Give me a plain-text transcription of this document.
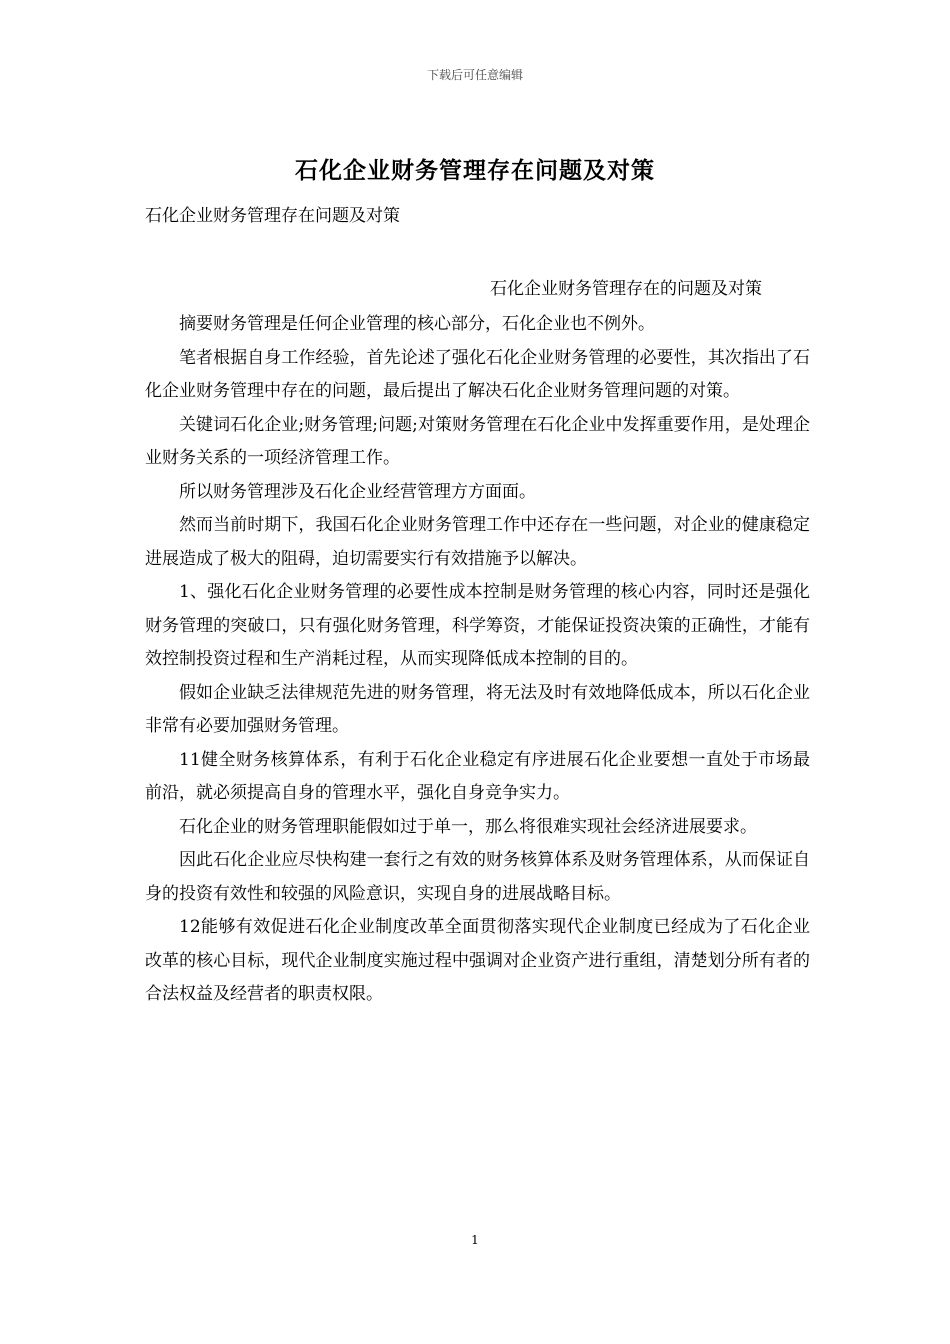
下载后可任意编辑
石化企业财务管理存在问题及对策
石化企业财务管理存在问题及对策
石化企业财务管理存在的问题及对策

摘要财务管理是任何企业管理的核心部分，石化企业也不例外。

笔者根据自身工作经验，首先论述了强化石化企业财务管理的必要性，其次指出了石化企业财务管理中存在的问题，最后提出了解决石化企业财务管理问题的对策。

关键词石化企业;财务管理;问题;对策财务管理在石化企业中发挥重要作用，是处理企业财务关系的一项经济管理工作。

所以财务管理涉及石化企业经营管理方方面面。

然而当前时期下，我国石化企业财务管理工作中还存在一些问题，对企业的健康稳定进展造成了极大的阻碍，迫切需要实行有效措施予以解决。

1、强化石化企业财务管理的必要性成本控制是财务管理的核心内容，同时还是强化财务管理的突破口，只有强化财务管理，科学筹资，才能保证投资决策的正确性，才能有效控制投资过程和生产消耗过程，从而实现降低成本控制的目的。

假如企业缺乏法律规范先进的财务管理，将无法及时有效地降低成本，所以石化企业非常有必要加强财务管理。

11健全财务核算体系，有利于石化企业稳定有序进展石化企业要想一直处于市场最前沿，就必须提高自身的管理水平，强化自身竞争实力。

石化企业的财务管理职能假如过于单一，那么将很难实现社会经济进展要求。

因此石化企业应尽快构建一套行之有效的财务核算体系及财务管理体系，从而保证自身的投资有效性和较强的风险意识，实现自身的进展战略目标。

12能够有效促进石化企业制度改革全面贯彻落实现代企业制度已经成为了石化企业改革的核心目标，现代企业制度实施过程中强调对企业资产进行重组，清楚划分所有者的合法权益及经营者的职责权限。

1
